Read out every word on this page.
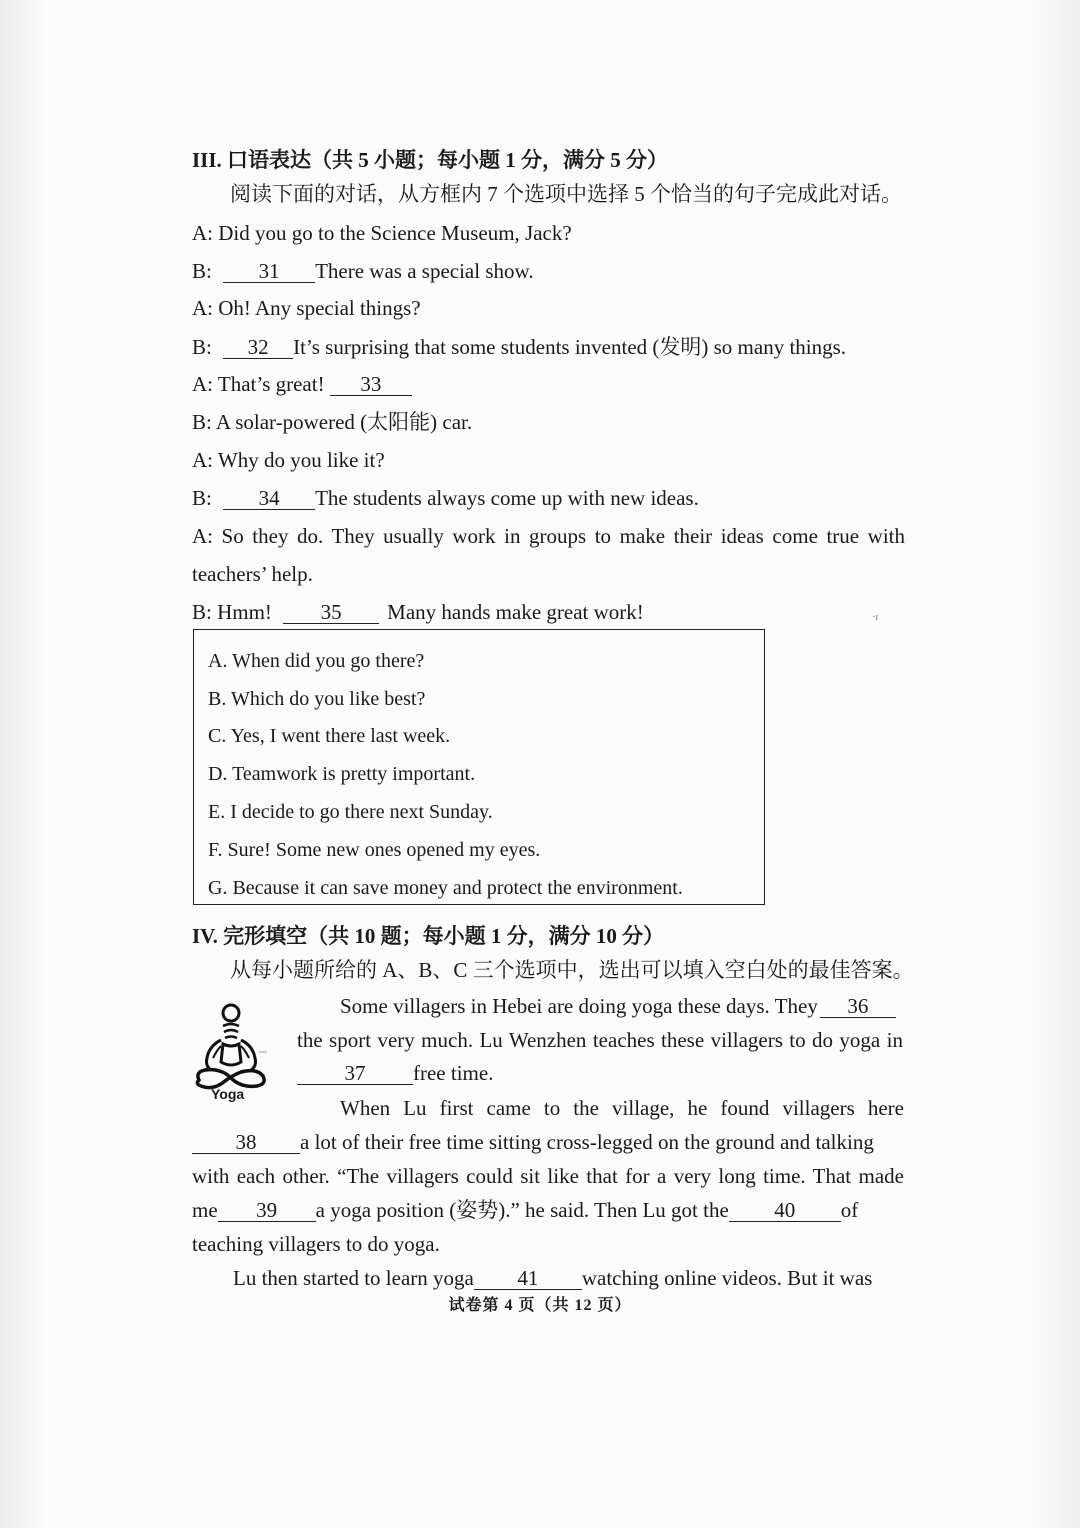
III. 口语表达（共 5 小题；每小题 1 分，满分 5 分）
阅读下面的对话，从方框内 7 个选项中选择 5 个恰当的句子完成此对话。
A: Did you go to the Science Museum, Jack?
B: 31 There was a special show.
A: Oh! Any special things?
B: 32 It’s surprising that some students invented (发明) so many things.
A: That’s great! 33
B: A solar-powered (太阳能) car.
A: Why do you like it?
B: 34 The students always come up with new ideas.
A: So they do. They usually work in groups to make their ideas come true with
teachers’ help.
B: Hmm! 35 Many hands make great work!	·ı
A. When did you go there?
B. Which do you like best?
C. Yes, I went there last week.
D. Teamwork is pretty important.
E. I decide to go there next Sunday.
F. Sure! Some new ones opened my eyes.
G. Because it can save money and protect the environment.
IV. 完形填空（共 10 题；每小题 1 分，满分 10 分）
从每小题所给的 A、B、C 三个选项中，选出可以填入空白处的最佳答案。
Yoga
Some villagers in Hebei are doing yoga these days. They 36
the sport very much. Lu Wenzhen teaches these villagers to do yoga in
37 free time.
When Lu first came to the village, he found villagers here
38 a lot of their free time sitting cross-legged on the ground and talking
with each other. “The villagers could sit like that for a very long time. That made
me 39 a yoga position (姿势).” he said. Then Lu got the 40 of
teaching villagers to do yoga.
Lu then started to learn yoga 41 watching online videos. But it was
试卷第 4 页（共 12 页）
